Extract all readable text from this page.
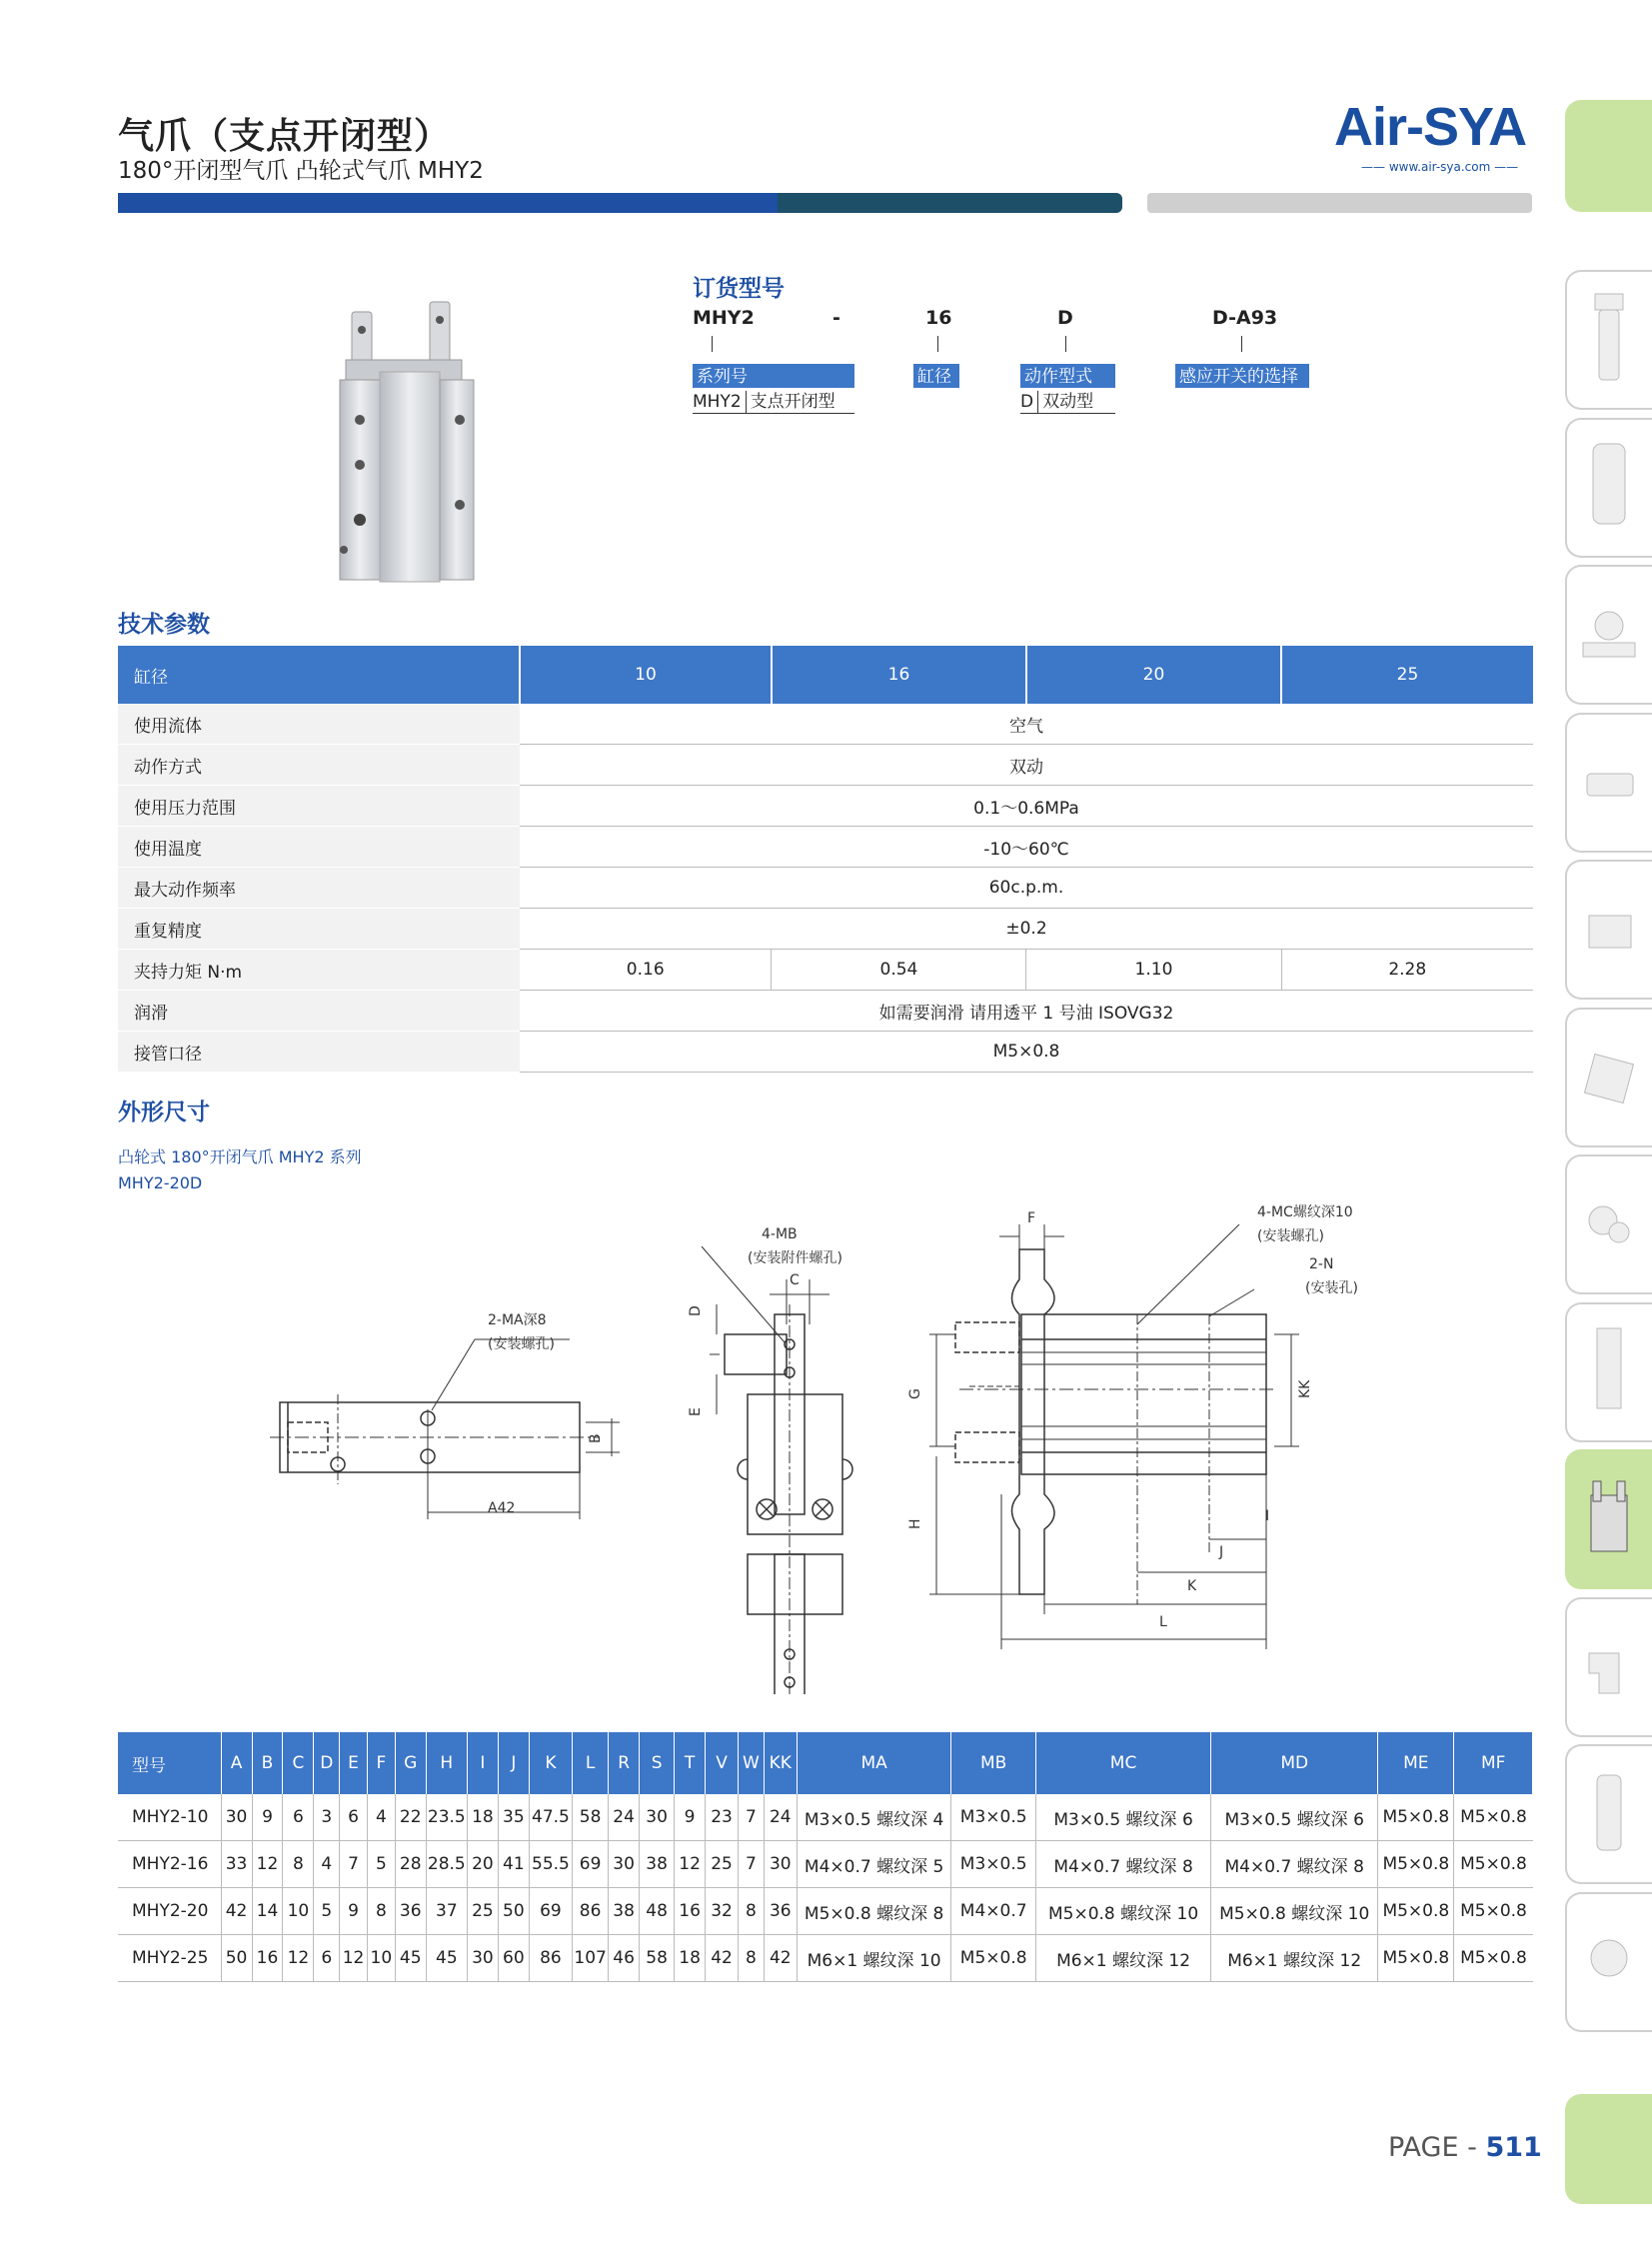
气爪（支点开闭型）
180°开闭型气爪 凸轮式气爪 MHY2
Air-SYA
—— www.air-sya.com ——
订货型号
MHY2	-	16	D	D-A93
系列号	缸径	动作型式	感应开关的选择
MHY2 支点开闭型	D 双动型
技术参数
缸径	10	16	20	25
使用流体	空气			
动作方式	双动			
使用压力范围	0.1～0.6MPa			
使用温度	-10～60℃			
最大动作频率	60c.p.m.			
重复精度	±0.2			
夹持力矩 N·m	0.16	0.54	1.10	2.28
润滑	如需要润滑 请用透平 1 号油 ISOVG32			
接管口径	M5×0.8			
外形尺寸
凸轮式 180°开闭气爪 MHY2 系列
MHY2-20D
2-MA深8
(安装螺孔)
B
A42
4-MB
(安装附件螺孔)
C
D
E
F	4-MC螺纹深10
(安装螺孔)
2-N
(安装孔)
G
H
KK
I
J
K
L
型号	A	B	C	D	E	F	G	H	I	J	K	L	R	S	T	V	W	KK	MA	MB	MC	MD	ME	MF
MHY2-10	30	9	6	3	6	4	22	23.5	18	35	47.5	58	24	30	9	23	7	24	M3×0.5 螺纹深 4	M3×0.5	M3×0.5 螺纹深 6	M3×0.5 螺纹深 6	M5×0.8	M5×0.8
MHY2-16	33	12	8	4	7	5	28	28.5	20	41	55.5	69	30	38	12	25	7	30	M4×0.7 螺纹深 5	M3×0.5	M4×0.7 螺纹深 8	M4×0.7 螺纹深 8	M5×0.8	M5×0.8
MHY2-20	42	14	10	5	9	8	36	37	25	50	69	86	38	48	16	32	8	36	M5×0.8 螺纹深 8	M4×0.7	M5×0.8 螺纹深 10	M5×0.8 螺纹深 10	M5×0.8	M5×0.8
MHY2-25	50	16	12	6	12	10	45	45	30	60	86	107	46	58	18	42	8	42	M6×1 螺纹深 10	M5×0.8	M6×1 螺纹深 12	M6×1 螺纹深 12	M5×0.8	M5×0.8
PAGE - 511
